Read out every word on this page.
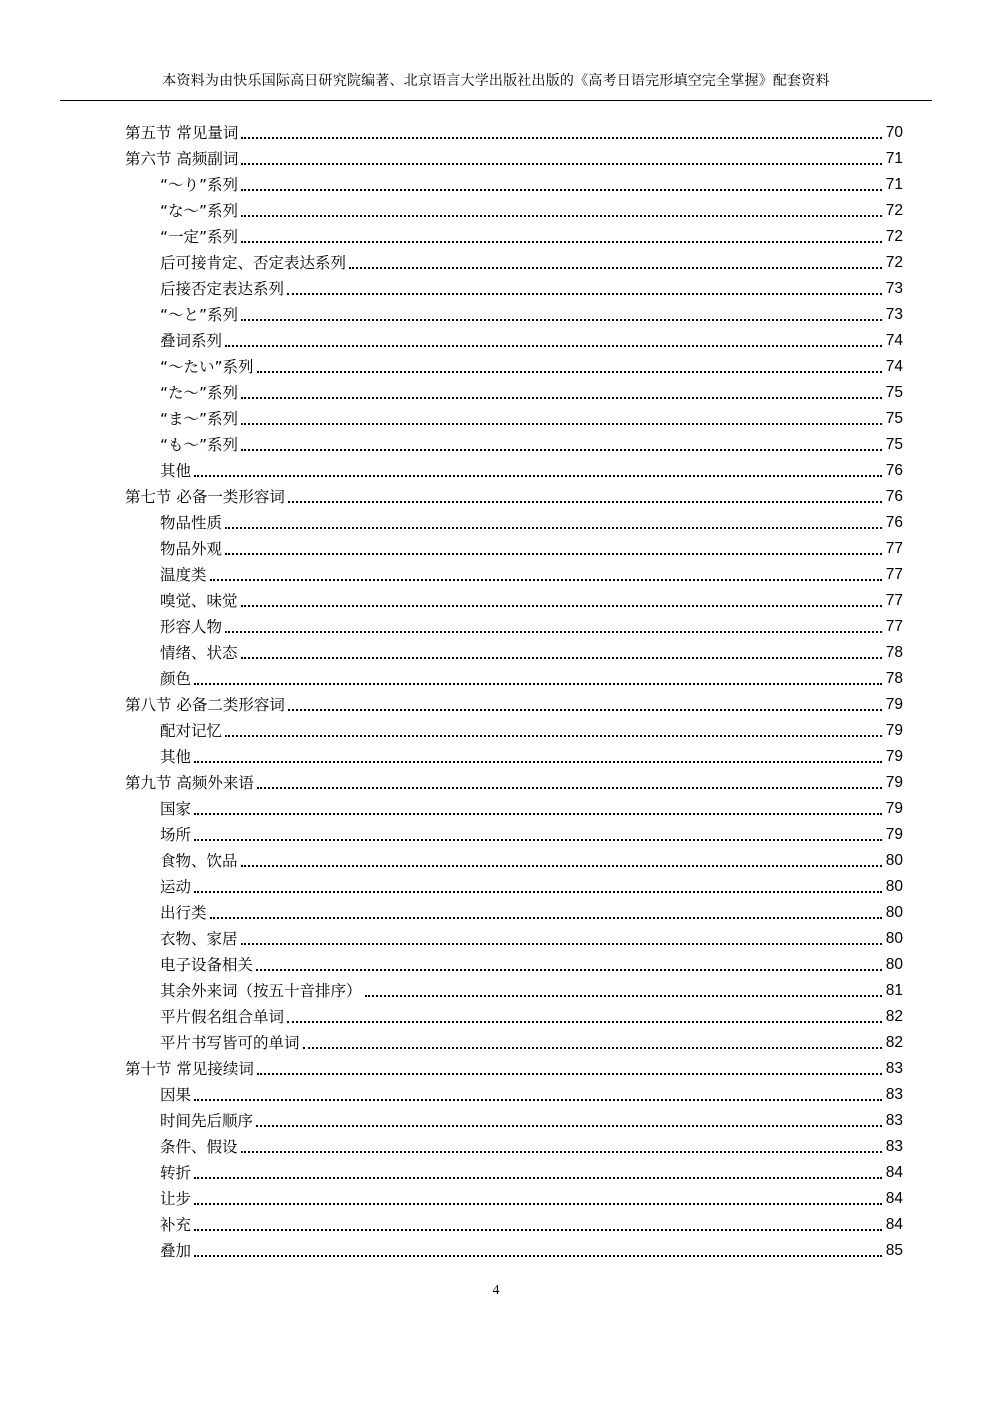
本资料为由快乐国际高日研究院编著、北京语言大学出版社出版的《高考日语完形填空完全掌握》配套资料
第五节 常见量词	70
第六节 高频副词	71
“～り”系列	71
“な～”系列	72
“一定”系列	72
后可接肯定、否定表达系列	72
后接否定表达系列	73
“～と”系列	73
叠词系列	74
“～たい”系列	74
“た～”系列	75
“ま～”系列	75
“も～”系列	75
其他	76
第七节 必备一类形容词	76
物品性质	76
物品外观	77
温度类	77
嗅觉、味觉	77
形容人物	77
情绪、状态	78
颜色	78
第八节 必备二类形容词	79
配对记忆	79
其他	79
第九节 高频外来语	79
国家	79
场所	79
食物、饮品	80
运动	80
出行类	80
衣物、家居	80
电子设备相关	80
其余外来词（按五十音排序）	81
平片假名组合单词	82
平片书写皆可的单词	82
第十节 常见接续词	83
因果	83
时间先后顺序	83
条件、假设	83
转折	84
让步	84
补充	84
叠加	85
4
